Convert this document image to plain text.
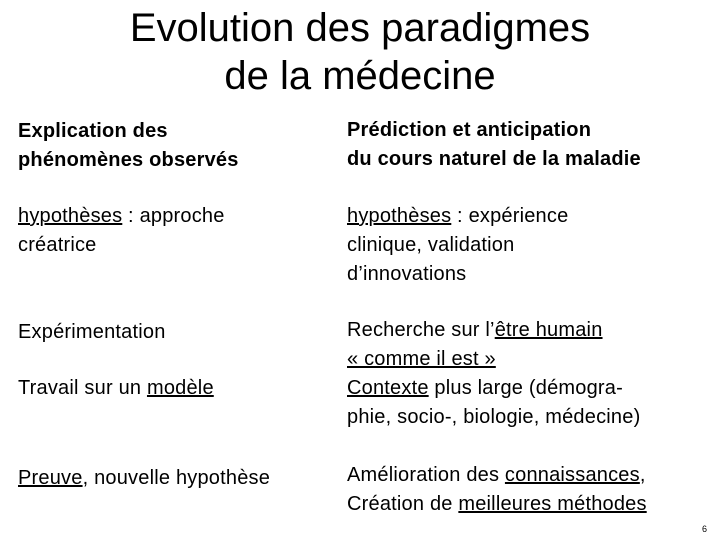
Evolution des paradigmes
de la médecine
Explication des
phénomènes observés
hypothèses : approche
créatrice
Expérimentation
Travail sur un modèle
Preuve, nouvelle hypothèse
Prédiction et anticipation
du cours naturel de la maladie
hypothèses : expérience
clinique, validation
d’innovations
Recherche sur l’être humain
« comme il est »
Contexte plus large (démogra-
phie, socio-, biologie, médecine)
Amélioration des connaissances,
Création de meilleures méthodes
6
